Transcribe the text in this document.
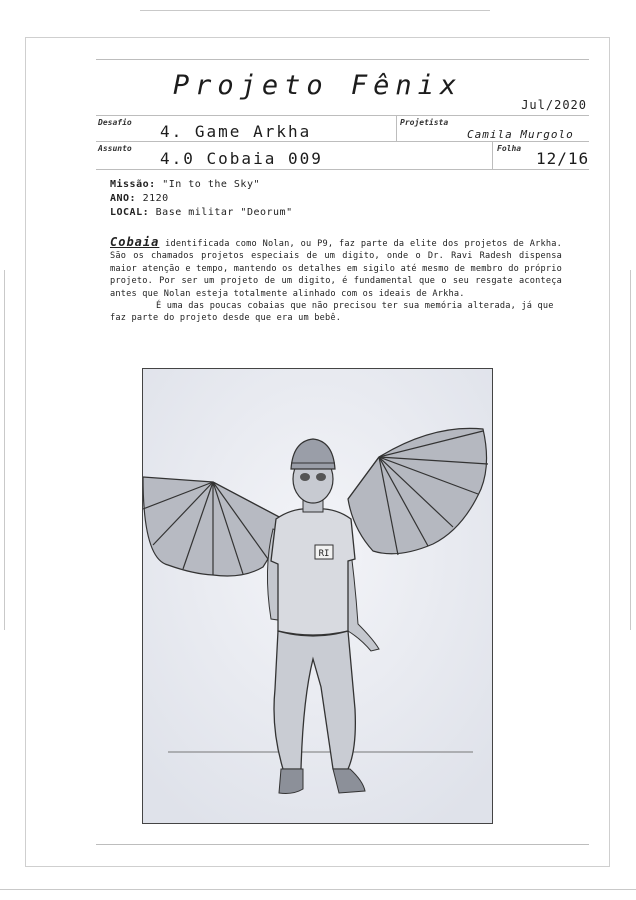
Projeto Fênix
Jul/2020
Desafio 4. Game Arkha	Projetista
Camila Murgolo
Assunto
4.0 Cobaia 009
Folha
12/16
Missão: "In to the Sky"
ANO: 2120
LOCAL: Base militar "Deorum"

Cobaia identificada como Nolan, ou P9, faz parte da elite dos projetos de Arkha. São os chamados projetos especiais de um digito, onde o Dr. Ravi Radesh dispensa maior atenção e tempo, mantendo os detalhes em sigilo até mesmo de membro do próprio projeto. Por ser um projeto de um digito, é fundamental que o seu resgate aconteça antes que Nolan esteja totalmente alinhado com os ideais de Arkha.

É uma das poucas cobaias que não precisou ter sua memória alterada, já que faz parte do projeto desde que era um bebê.

RI
